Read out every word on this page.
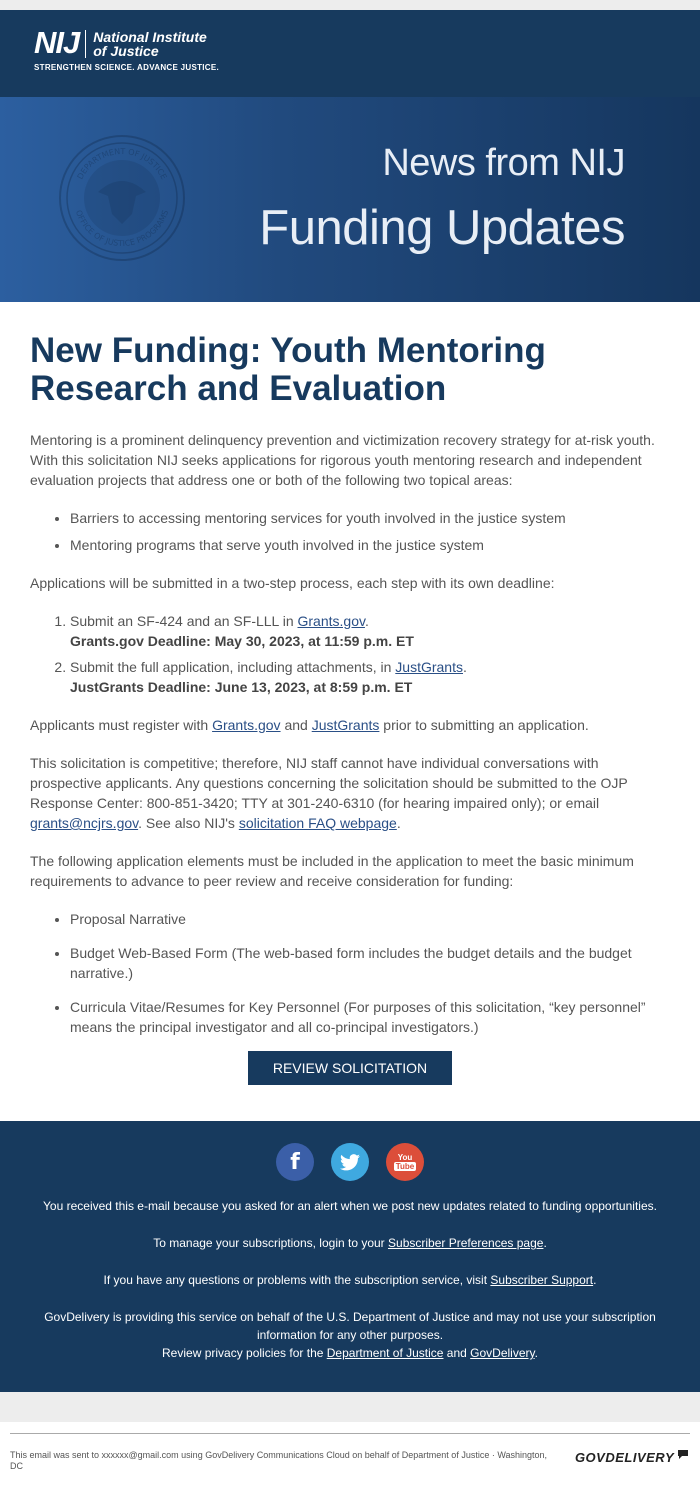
NIJ National Institute
of Justice
STRENGTHEN SCIENCE. ADVANCE JUSTICE.
DEPARTMENT OF JUSTICE
OFFICE OF JUSTICE PROGRAMS
News from NIJ
Funding Updates
New Funding: Youth Mentoring Research and Evaluation

Mentoring is a prominent delinquency prevention and victimization recovery strategy for at-risk youth. With this solicitation NIJ seeks applications for rigorous youth mentoring research and independent evaluation projects that address one or both of the following two topical areas:

• Barriers to accessing mentoring services for youth involved in the justice system
• Mentoring programs that serve youth involved in the justice system

Applications will be submitted in a two-step process, each step with its own deadline:

1. Submit an SF-424 and an SF-LLL in Grants.gov.
Grants.gov Deadline: May 30, 2023, at 11:59 p.m. ET
2. Submit the full application, including attachments, in JustGrants.
JustGrants Deadline: June 13, 2023, at 8:59 p.m. ET

Applicants must register with Grants.gov and JustGrants prior to submitting an application.

This solicitation is competitive; therefore, NIJ staff cannot have individual conversations with prospective applicants. Any questions concerning the solicitation should be submitted to the OJP Response Center: 800-851-3420; TTY at 301-240-6310 (for hearing impaired only); or email grants@ncjrs.gov. See also NIJ's solicitation FAQ webpage.

The following application elements must be included in the application to meet the basic minimum requirements to advance to peer review and receive consideration for funding:

• Proposal Narrative
• Budget Web-Based Form (The web-based form includes the budget details and the budget narrative.)
• Curricula Vitae/Resumes for Key Personnel (For purposes of this solicitation, “key personnel” means the principal investigator and all co-principal investigators.)
REVIEW SOLICITATION
f	You
Tube

You received this e-mail because you asked for an alert when we post new updates related to funding opportunities.

To manage your subscriptions, login to your Subscriber Preferences page.

If you have any questions or problems with the subscription service, visit Subscriber Support.

GovDelivery is providing this service on behalf of the U.S. Department of Justice and may not use your subscription information for any other purposes.
Review privacy policies for the Department of Justice and GovDelivery.

This email was sent to xxxxxx@gmail.com using GovDelivery Communications Cloud on behalf of Department of Justice · Washington, DC
GOVDELIVERY
